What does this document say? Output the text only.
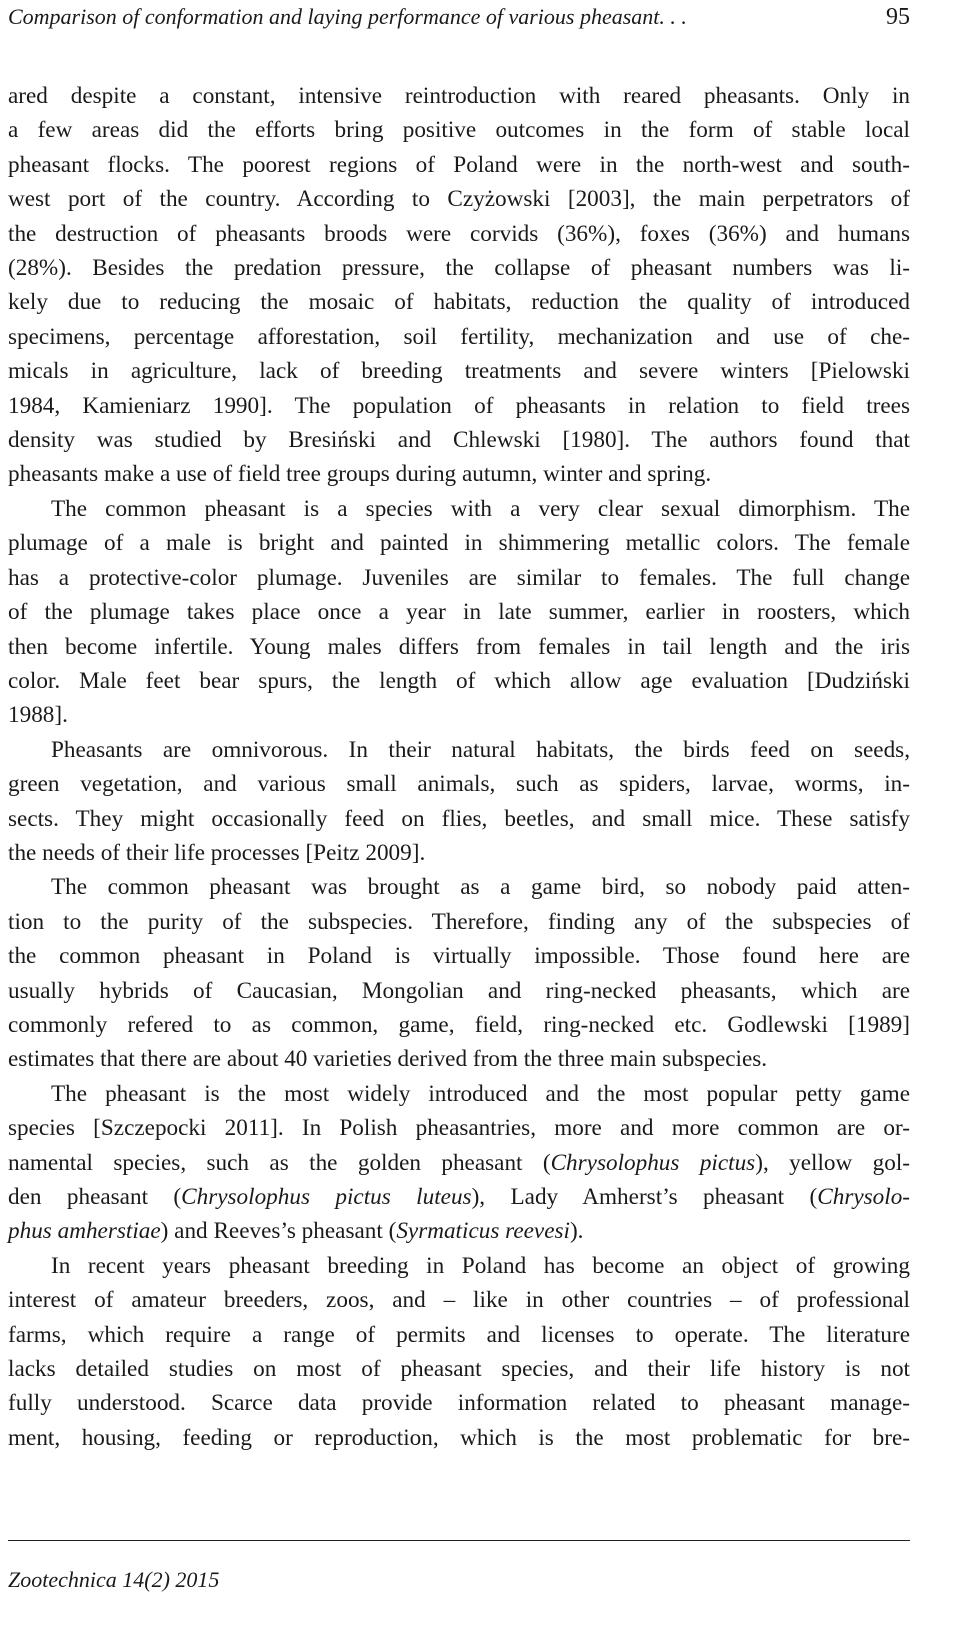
Comparison of conformation and laying performance of various pheasant. . .	95
ared despite a constant, intensive reintroduction with reared pheasants. Only in
a few areas did the efforts bring positive outcomes in the form of stable local
pheasant flocks. The poorest regions of Poland were in the north-west and south-
west port of the country. According to Czyżowski [2003], the main perpetrators of
the destruction of pheasants broods were corvids (36%), foxes (36%) and humans
(28%). Besides the predation pressure, the collapse of pheasant numbers was li-
kely due to reducing the mosaic of habitats, reduction the quality of introduced
specimens, percentage afforestation, soil fertility, mechanization and use of che-
micals in agriculture, lack of breeding treatments and severe winters [Pielowski
1984, Kamieniarz 1990]. The population of pheasants in relation to field trees
density was studied by Bresiński and Chlewski [1980]. The authors found that
pheasants make a use of field tree groups during autumn, winter and spring.
The common pheasant is a species with a very clear sexual dimorphism. The
plumage of a male is bright and painted in shimmering metallic colors. The female
has a protective-color plumage. Juveniles are similar to females. The full change
of the plumage takes place once a year in late summer, earlier in roosters, which
then become infertile. Young males differs from females in tail length and the iris
color. Male feet bear spurs, the length of which allow age evaluation [Dudziński
1988].
Pheasants are omnivorous. In their natural habitats, the birds feed on seeds,
green vegetation, and various small animals, such as spiders, larvae, worms, in-
sects. They might occasionally feed on flies, beetles, and small mice. These satisfy
the needs of their life processes [Peitz 2009].
The common pheasant was brought as a game bird, so nobody paid atten-
tion to the purity of the subspecies. Therefore, finding any of the subspecies of
the common pheasant in Poland is virtually impossible. Those found here are
usually hybrids of Caucasian, Mongolian and ring-necked pheasants, which are
commonly refered to as common, game, field, ring-necked etc. Godlewski [1989]
estimates that there are about 40 varieties derived from the three main subspecies.
The pheasant is the most widely introduced and the most popular petty game
species [Szczepocki 2011]. In Polish pheasantries, more and more common are or-
namental species, such as the golden pheasant (Chrysolophus pictus), yellow gol-
den pheasant (Chrysolophus pictus luteus), Lady Amherst’s pheasant (Chrysolo-
phus amherstiae) and Reeves’s pheasant (Syrmaticus reevesi).
In recent years pheasant breeding in Poland has become an object of growing
interest of amateur breeders, zoos, and – like in other countries – of professional
farms, which require a range of permits and licenses to operate. The literature
lacks detailed studies on most of pheasant species, and their life history is not
fully understood. Scarce data provide information related to pheasant manage-
ment, housing, feeding or reproduction, which is the most problematic for bre-
Zootechnica 14(2) 2015
